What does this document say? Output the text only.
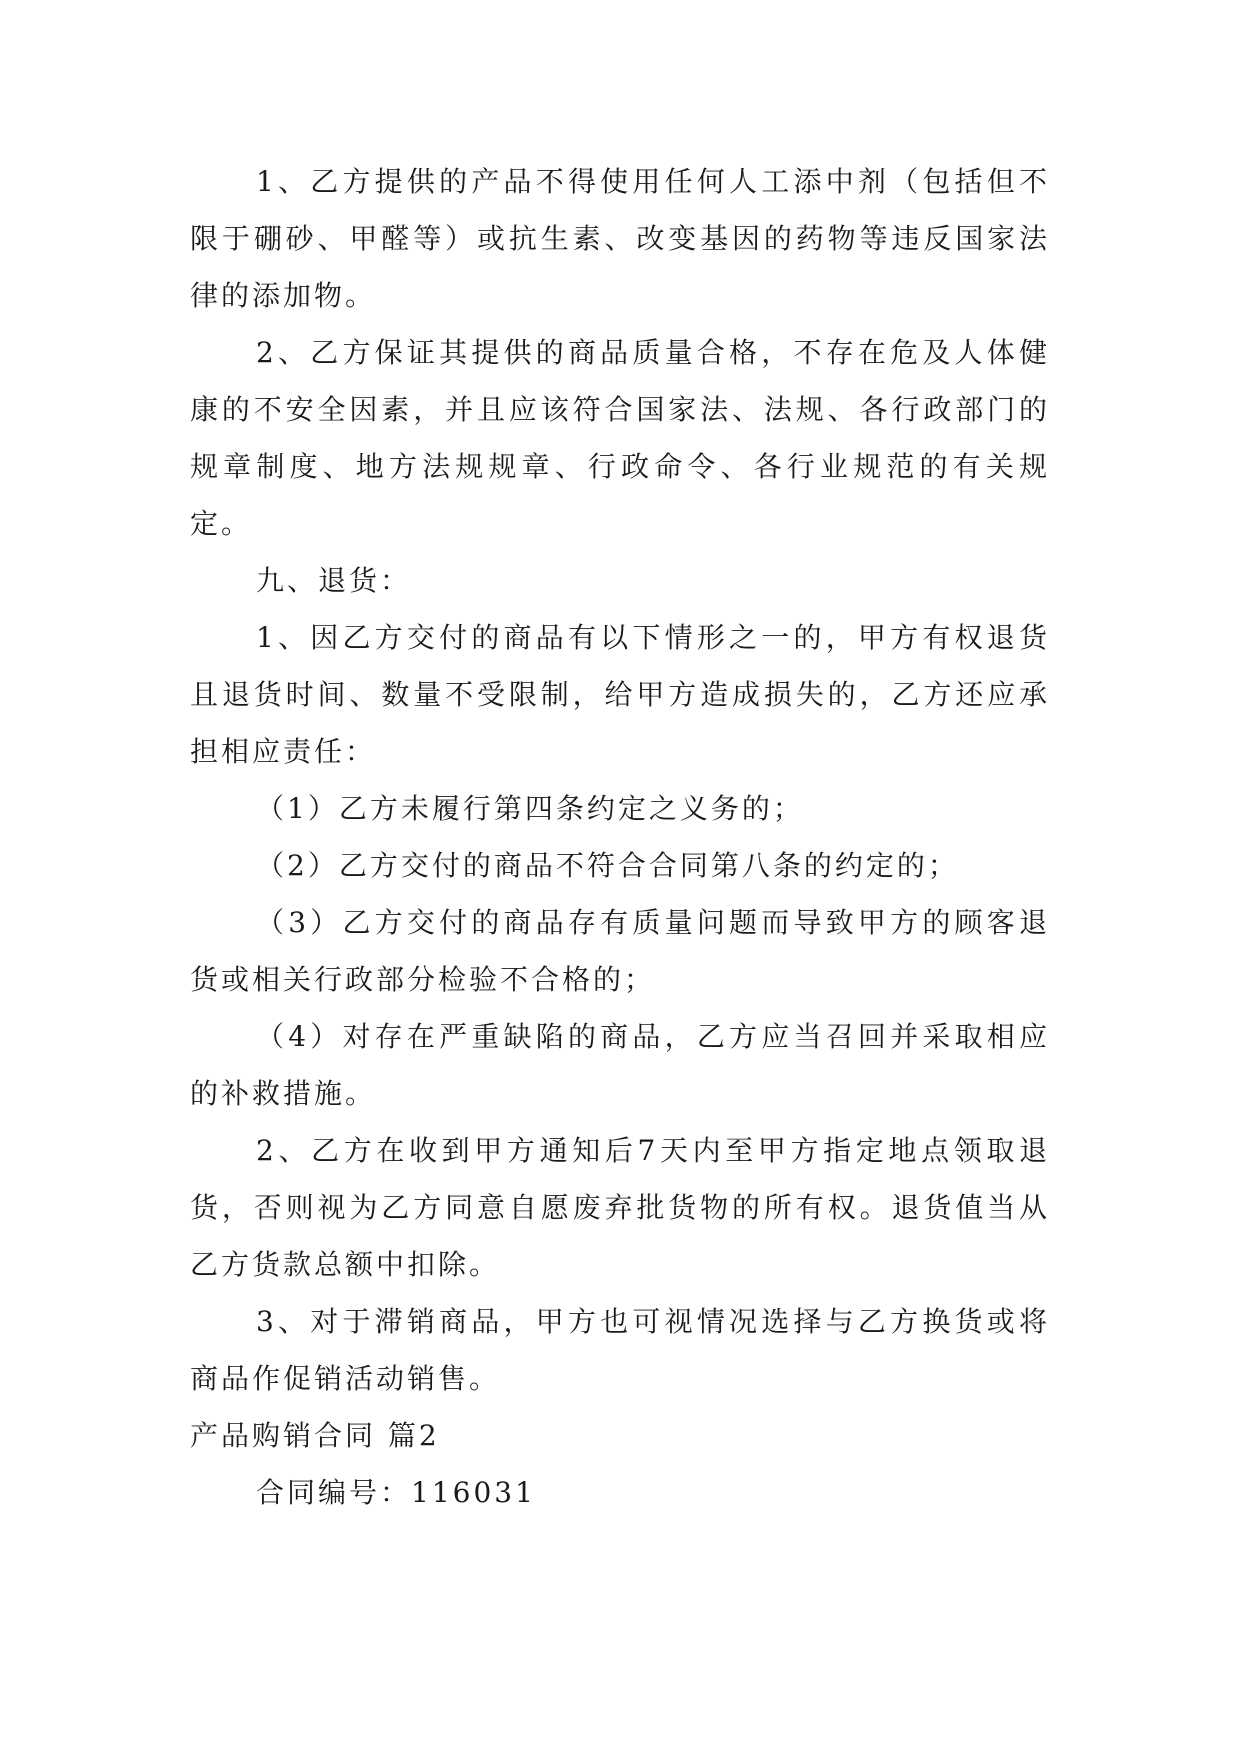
1、乙方提供的产品不得使用任何人工添中剂（包括但不限于硼砂、甲醛等）或抗生素、改变基因的药物等违反国家法律的添加物。

2、乙方保证其提供的商品质量合格，不存在危及人体健康的不安全因素，并且应该符合国家法、法规、各行政部门的规章制度、地方法规规章、行政命令、各行业规范的有关规定。

九、退货：

1、因乙方交付的商品有以下情形之一的，甲方有权退货且退货时间、数量不受限制，给甲方造成损失的，乙方还应承担相应责任：

（1）乙方未履行第四条约定之义务的；

（2）乙方交付的商品不符合合同第八条的约定的；

（3）乙方交付的商品存有质量问题而导致甲方的顾客退货或相关行政部分检验不合格的；

（4）对存在严重缺陷的商品，乙方应当召回并采取相应的补救措施。

2、乙方在收到甲方通知后7天内至甲方指定地点领取退货，否则视为乙方同意自愿废弃批货物的所有权。退货值当从乙方货款总额中扣除。

3、对于滞销商品，甲方也可视情况选择与乙方换货或将商品作促销活动销售。

产品购销合同 篇2

合同编号：116031
